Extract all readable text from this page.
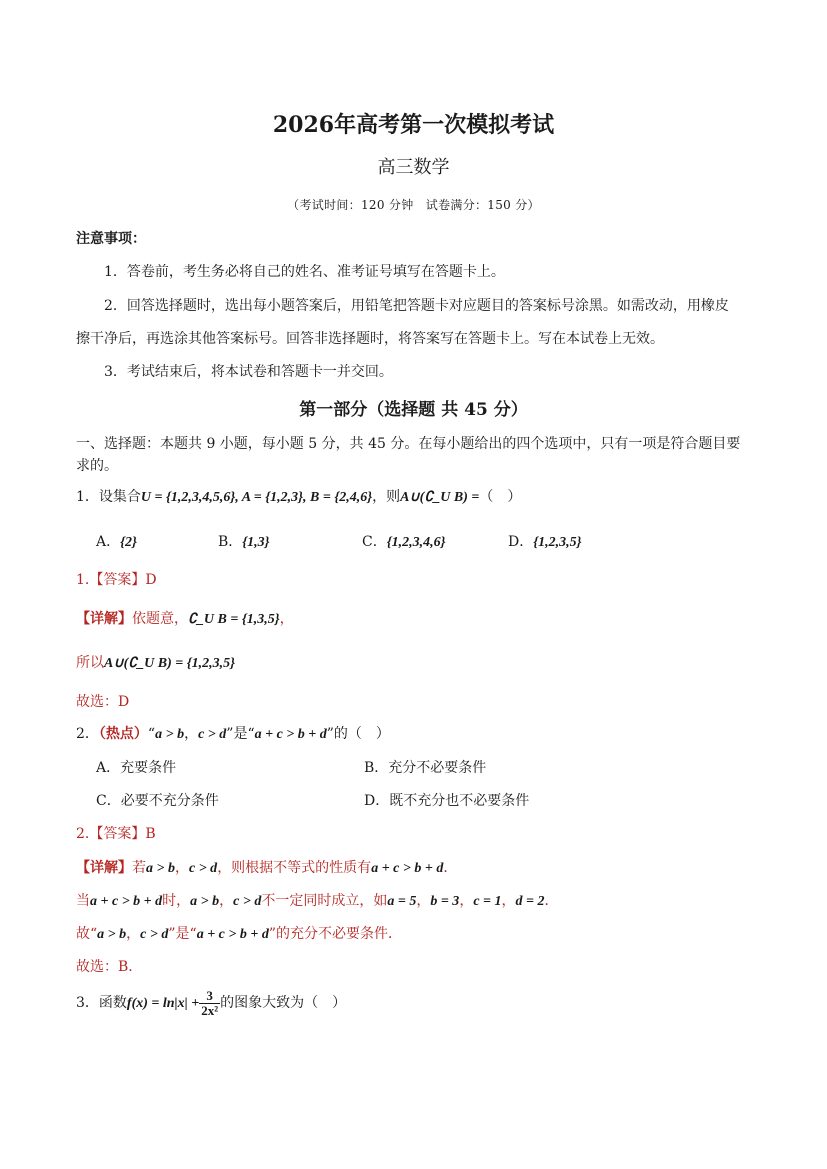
2026年高考第一次模拟考试
高三数学
（考试时间：120 分钟　试卷满分：150 分）
注意事项：
1．答卷前，考生务必将自己的姓名、准考证号填写在答题卡上。
2．回答选择题时，选出每小题答案后，用铅笔把答题卡对应题目的答案标号涂黑。如需改动，用橡皮
擦干净后，再选涂其他答案标号。回答非选择题时，将答案写在答题卡上。写在本试卷上无效。
3．考试结束后，将本试卷和答题卡一并交回。
第一部分（选择题 共 45 分）
一、选择题：本题共 9 小题，每小题 5 分，共 45 分。在每小题给出的四个选项中，只有一项是符合题目要
求的。
1．设集合U = {1,2,3,4,5,6}, A = {1,2,3}, B = {2,4,6}，则A∪(∁_U B) =（　）
A．{2}	B．{1,3}	C．{1,2,3,4,6}	D．{1,2,3,5}
1.【答案】D
【详解】依题意，∁_U B = {1,3,5}，
所以A∪(∁_U B) = {1,2,3,5}
故选：D
2．（热点）“a > b，c > d”是“a + c > b + d”的（　）
A．充要条件	B．充分不必要条件
C．必要不充分条件	D．既不充分也不必要条件
2.【答案】B
【详解】若a > b，c > d，则根据不等式的性质有a + c > b + d．
当a + c > b + d时，a > b，c > d不一定同时成立，如a = 5，b = 3，c = 1，d = 2．
故“a > b，c > d”是“a + c > b + d”的充分不必要条件．
故选：B.
3．函数$f(x) = \ln|x| + \frac{3}{\text{2x²}}$ 的图象大致为（　）
